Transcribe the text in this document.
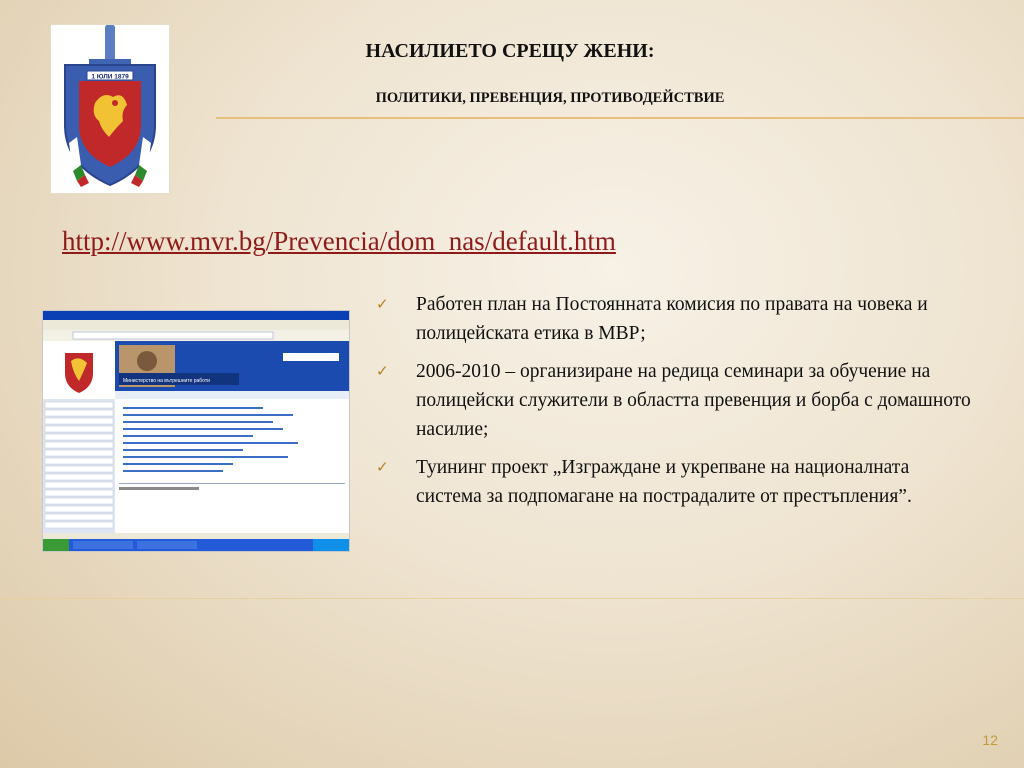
1 ЮЛИ 1879
НАСИЛИЕТО СРЕЩУ ЖЕНИ:
ПОЛИТИКИ, ПРЕВЕНЦИЯ, ПРОТИВОДЕЙСТВИЕ
http://www.mvr.bg/Prevencia/dom_nas/default.htm
Министерство на вътрешните работи
✓ Работен план на Постоянната комисия по правата на човека и полицейската етика в МВР;
✓ 2006-2010 – организиране на редица семинари за обучение на полицейски служители в областта превенция и борба с домашното насилие;
✓ Туининг проект „Изграждане и укрепване на националната система за подпомагане на пострадалите от престъпления”.
12
